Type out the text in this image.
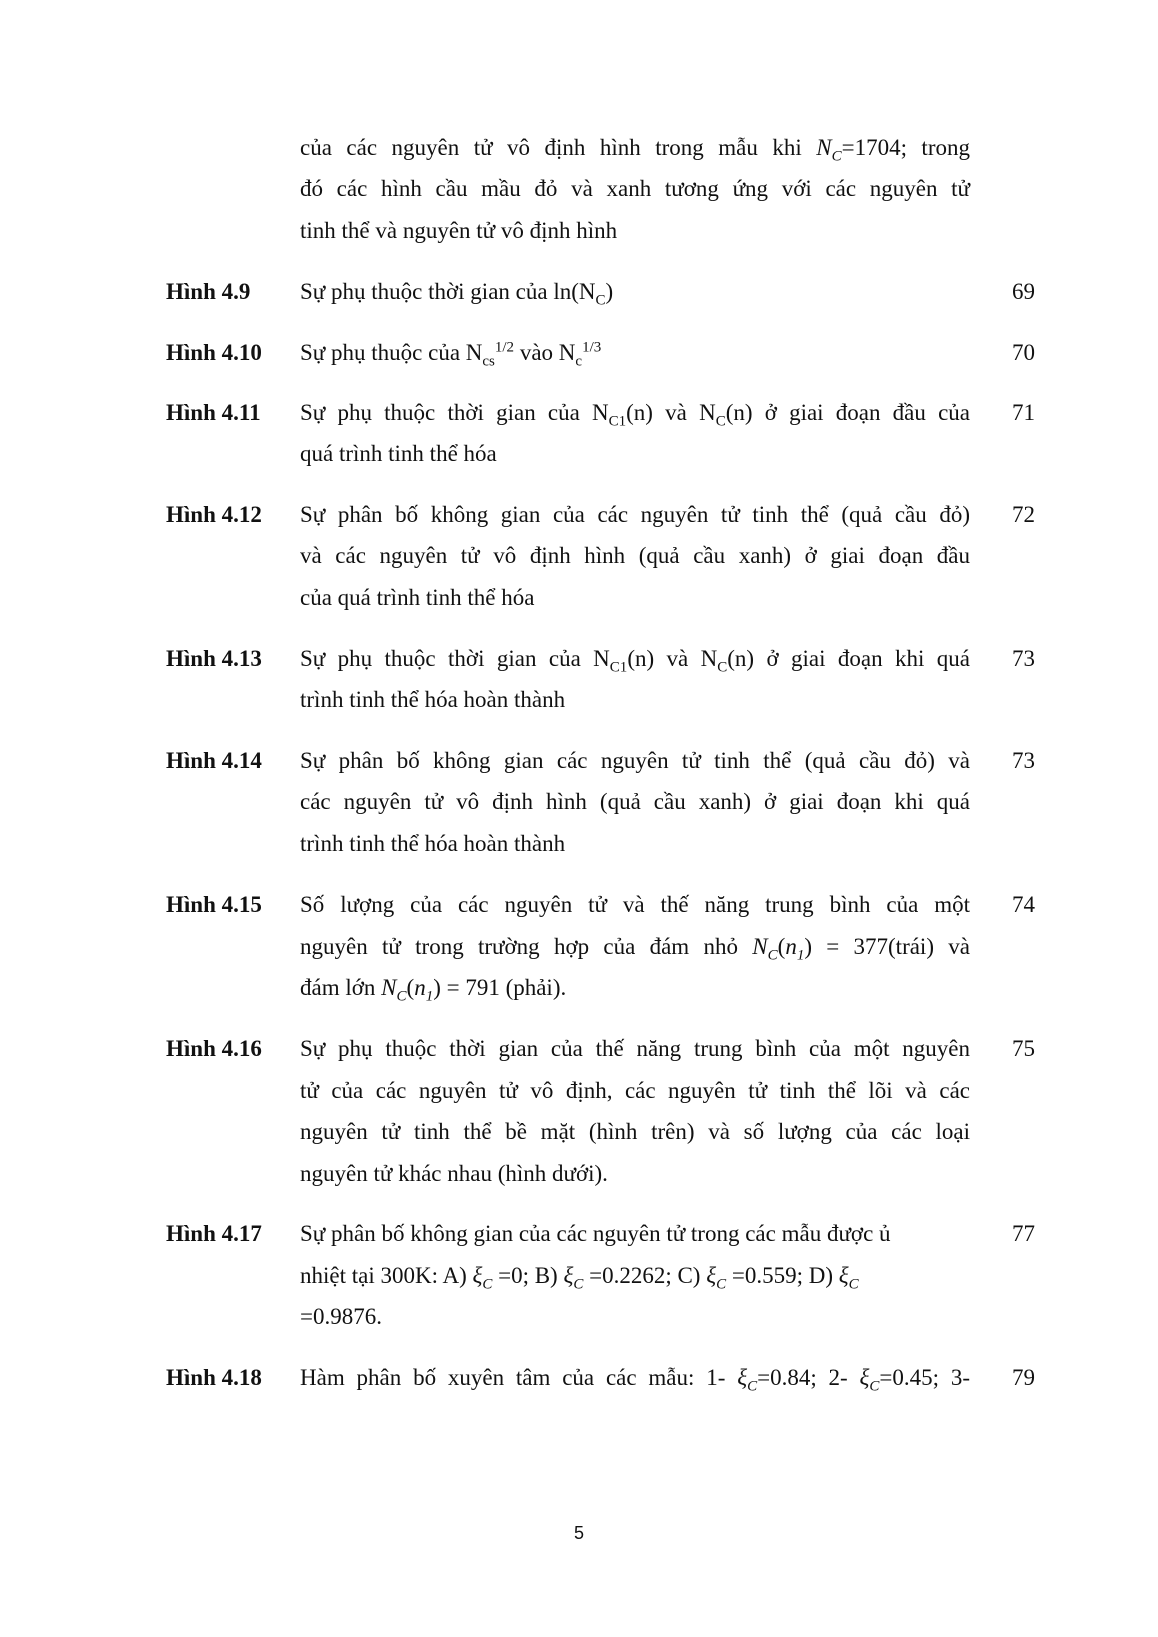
của các nguyên tử vô định hình trong mẫu khi $N_C=1704$; trong
đó các hình cầu mầu đỏ và xanh tương ứng với các nguyên tử
tinh thể và nguyên tử vô định hình
Hình 4.9 Sự phụ thuộc thời gian của $\ln(N_C)$	69
Hình 4.10 Sự phụ thuộc của $N_{cs}^{1/2}$ vào $N_c^{1/3}$	70
Hình 4.11 Sự phụ thuộc thời gian của $N_{C1}(n)$ và $N_C(n)$ ở giai đoạn đầu của
quá trình tinh thể hóa
71
Hình 4.12 Sự phân bố không gian của các nguyên tử tinh thể (quả cầu đỏ)
và các nguyên tử vô định hình (quả cầu xanh) ở giai đoạn đầu
của quá trình tinh thể hóa
72
Hình 4.13 Sự phụ thuộc thời gian của $N_{C1}(n)$ và $N_C(n)$ ở giai đoạn khi quá
trình tinh thể hóa hoàn thành
73
Hình 4.14 Sự phân bố không gian các nguyên tử tinh thể (quả cầu đỏ) và
các nguyên tử vô định hình (quả cầu xanh) ở giai đoạn khi quá
trình tinh thể hóa hoàn thành
73
Hình 4.15 Số lượng của các nguyên tử và thế năng trung bình của một
nguyên tử trong trường hợp của đám nhỏ $N_C(n_1)$ = 377(trái) và
đám lớn $N_C(n_1) = 791$ (phải).
74
Hình 4.16 Sự phụ thuộc thời gian của thế năng trung bình của một nguyên
tử của các nguyên tử vô định, các nguyên tử tinh thể lõi và các
nguyên tử tinh thể bề mặt (hình trên) và số lượng của các loại
nguyên tử khác nhau (hình dưới).
75
Hình 4.17 Sự phân bố không gian của các nguyên tử trong các mẫu được ủ
nhiệt tại 300K: A) $\xi_C =0$; B) $\xi_C =0.2262$; C) $\xi_C =0.559$; D) $\xi_C$
=0.9876.
77
Hình 4.18 Hàm phân bố xuyên tâm của các mẫu: 1- $\xi_C=0.84$; 2- $\xi_C=0.45$; 3- 79
5
